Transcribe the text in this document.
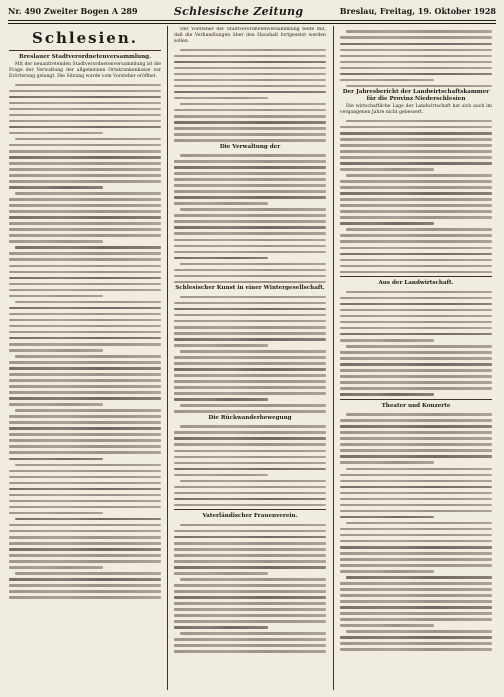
Nr. 490 Zweiter Bogen A 289	Schlesische Zeitung	Breslau, Freitag, 19. Oktober 1928
Schlesien.
Breslauer Stadtverordnetenversammlung.

Mit der neuantretenden Stadtverordnetenversammlung ist die Frage der Verwaltung der allgemeinen Ortskrankenkasse zur Erörterung gelangt. Die Sitzung wurde vom Vorsteher eröffnet.

Der Vorsteher der Stadtverordnetenversammlung teilte mit, daß die Verhandlungen über den Haushalt fortgesetzt werden sollen.

Die Verwaltung der
Schlesischer Kunst in einer Wintergesellschaft.
Die Rückwanderbewegung
Vaterländischer Frauenverein.
Der Jahresbericht der Landwirtschaftskammer für die Provinz Niederschlesien

Die wirtschaftliche Lage der Landwirtschaft hat sich auch im vergangenen Jahre nicht gebessert.

Aus der Landwirtschaft.
Theater und Konzerte
